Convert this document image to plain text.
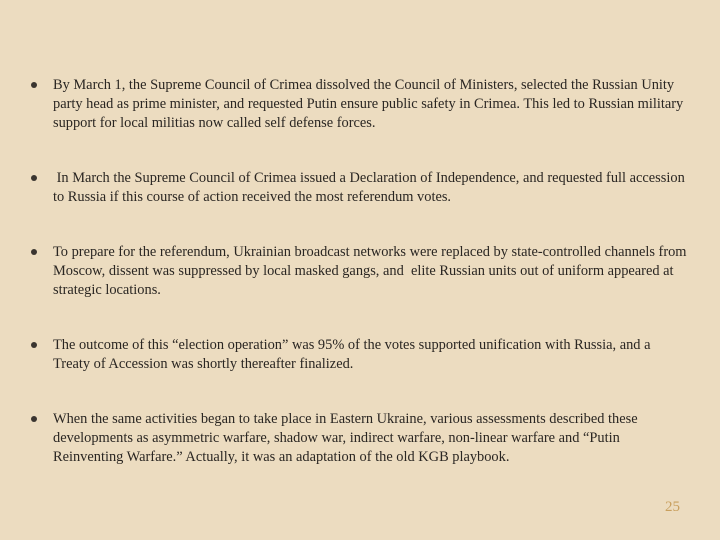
By March 1, the Supreme Council of Crimea dissolved the Council of Ministers, selected the Russian Unity party head as prime minister, and requested Putin ensure public safety in Crimea. This led to Russian military support for local militias now called self defense forces.
In March the Supreme Council of Crimea issued a Declaration of Independence, and requested full accession to Russia if this course of action received the most referendum votes.
To prepare for the referendum, Ukrainian broadcast networks were replaced by state-controlled channels from Moscow, dissent was suppressed by local masked gangs, and  elite Russian units out of uniform appeared at strategic locations.
The outcome of this “election operation” was 95% of the votes supported unification with Russia, and a Treaty of Accession was shortly thereafter finalized.
When the same activities began to take place in Eastern Ukraine, various assessments described these developments as asymmetric warfare, shadow war, indirect warfare, non-linear warfare and “Putin Reinventing Warfare.” Actually, it was an adaptation of the old KGB playbook.
25
